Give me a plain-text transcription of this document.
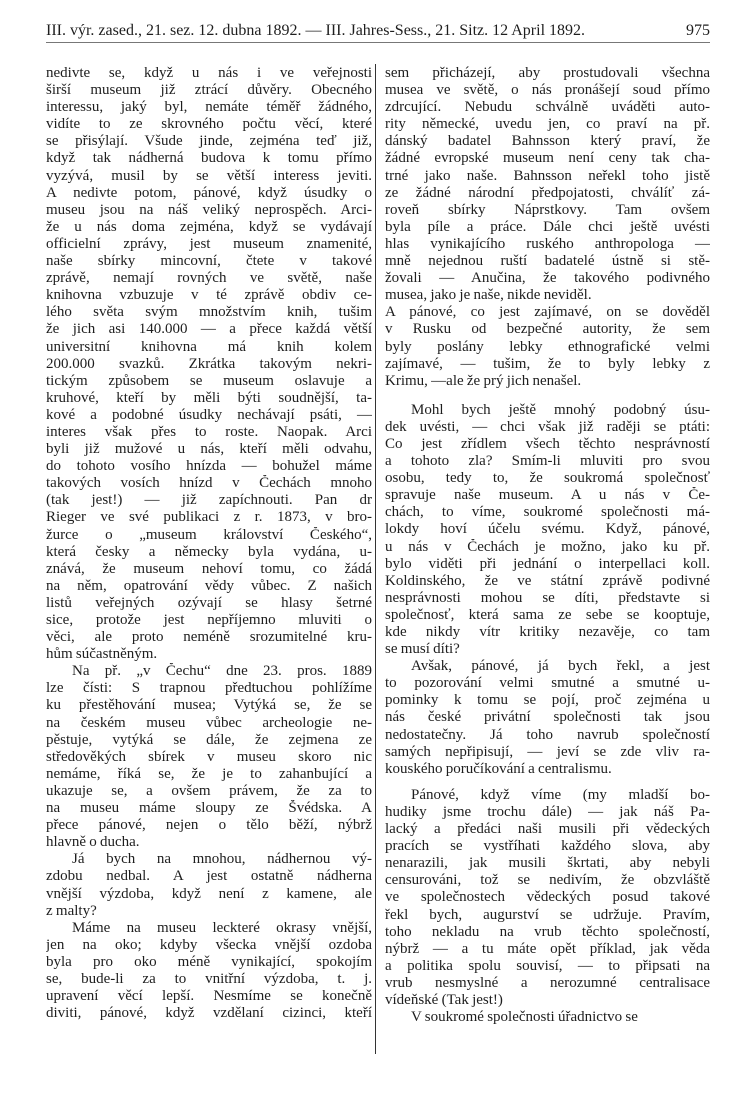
III. výr. zased., 21. sez. 12. dubna 1892. — III. Jahres-Sess., 21. Sitz. 12 April 1892.	975
nedivte se, když u nás i ve veřejnosti
širší museum již ztrácí důvěry. Obecného
interessu, jaký byl, nemáte téměř žádného,
vidíte to ze skrovného počtu věcí, které
se přisýlají. Všude jinde, zejména teď již,
když tak nádherná budova k tomu přímo
vyzývá, musil by se větší interess jeviti.
A nedivte potom, pánové, když úsudky o
museu jsou na náš veliký neprospěch. Arci-
že u nás doma zejména, když se vydávají
officielní zprávy, jest museum znamenité,
naše sbírky mincovní, čtete v takové
zprávě, nemají rovných ve světě, naše
knihovna vzbuzuje v té zprávě obdiv ce-
lého světa svým množstvím knih, tušim
že jich asi 140.000 — a přece každá větší
universitní knihovna má knih kolem
200.000 svazků. Zkrátka takovým nekri-
tickým způsobem se museum oslavuje a
kruhové, kteří by měli býti soudnější, ta-
kové a podobné úsudky nechávají psáti, —
interes však přes to roste. Naopak. Arci
byli již mužové u nás, kteří měli odvahu,
do tohoto vosího hnízda — bohužel máme
takových vosích hnízd v Čechách mnoho
(tak jest!) — již zapíchnouti. Pan dr
Rieger ve své publikaci z r. 1873, v bro-
žurce o „museum království Českého“,
která česky a německy byla vydána, u-
znává, že museum nehoví tomu, co žádá
na něm, opatrování vědy vůbec. Z našich
listů veřejných ozývají se hlasy šetrné
sice, protože jest nepříjemno mluviti o
věci, ale proto neméně srozumitelné kru-
hům súčastněným.
Na př. „v Čechu“ dne 23. pros. 1889
lze čísti: S trapnou předtuchou pohlížíme
ku přestěhování musea; Vytýká se, že se
na českém museu vůbec archeologie ne-
pěstuje, vytýká se dále, že zejmena ze
středověkých sbírek v museu skoro nic
nemáme, říká se, že je to zahanbující a
ukazuje se, a ovšem právem, že za to
na museu máme sloupy ze Švédska. A
přece pánové, nejen o tělo běží, nýbrž
hlavně o ducha.
Já bych na mnohou, nádhernou vý-
zdobu nedbal. A jest ostatně nádherna
vnější výzdoba, když není z kamene, ale
z malty?
Máme na museu leckteré okrasy vnější,
jen na oko; kdyby všecka vnější ozdoba
byla pro oko méně vynikající, spokojím
se, bude-li za to vnitřní výzdoba, t. j.
upravení věcí lepší. Nesmíme se konečně
diviti, pánové, když vzdělaní cizinci, kteří
sem přicházejí, aby prostudovali všechna
musea ve světě, o nás pronášejí soud přímo
zdrcující. Nebudu schválně uváděti auto-
rity německé, uvedu jen, co praví na př.
dánský badatel Bahnsson který praví, že
žádné evropské museum není ceny tak cha-
trné jako naše. Bahnsson neřekl toho jistě
ze žádné národní předpojatosti, chválíť zá-
roveň sbírky Náprstkovy. Tam ovšem
byla píle a práce. Dále chci ještě uvésti
hlas vynikajícího ruského anthropologa —
mně nejednou ruští badatelé ústně si stě-
žovali — Anučina, že takového podivného
musea, jako je naše, nikde neviděl.
A pánové, co jest zajímavé, on se dověděl
v Rusku od bezpečné autority, že sem
byly poslány lebky ethnografické velmi
zajímavé, — tušim, že to byly lebky z
Krimu, —ale že prý jich nenašel.
Mohl bych ještě mnohý podobný úsu-
dek uvésti, — chci však již raději se ptáti:
Co jest zřídlem všech těchto nesprávností
a tohoto zla? Smím-li mluviti pro svou
osobu, tedy to, že soukromá společnosť
spravuje naše museum. A u nás v Če-
chách, to víme, soukromé společnosti má-
lokdy hoví účelu svému. Když, pánové,
u nás v Čechách je možno, jako ku př.
bylo viděti při jednání o interpellaci koll.
Koldinského, že ve státní zprávě podivné
nesprávnosti mohou se díti, představte si
společnosť, která sama ze sebe se kooptuje,
kde nikdy vítr kritiky nezavěje, co tam
se musí díti?
Avšak, pánové, já bych řekl, a jest
to pozorování velmi smutné a smutné u-
pominky k tomu se pojí, proč zejména u
nás české privátní společnosti tak jsou
nedostatečny. Já toho navrub společností
samých nepřipisují, — jeví se zde vliv ra-
kouského poručíkování a centralismu.
Pánové, když víme (my mladší bo-
hudiky jsme trochu dále) — jak náš Pa-
lacký a předáci naši musili při vědeckých
pracích se vystříhati každého slova, aby
nenarazili, jak musili škrtati, aby nebyli
censurováni, tož se nedivím, že obzvláště
ve společnostech vědeckých posud takové
řekl bych, augurství se udržuje. Pravím,
toho nekladu na vrub těchto společností,
nýbrž — a tu máte opět příklad, jak věda
a politika spolu souvisí, — to připsati na
vrub nesmyslné a nerozumné centralisace
vídeňské (Tak jest!)
V soukromé společnosti úřadnictvo se
